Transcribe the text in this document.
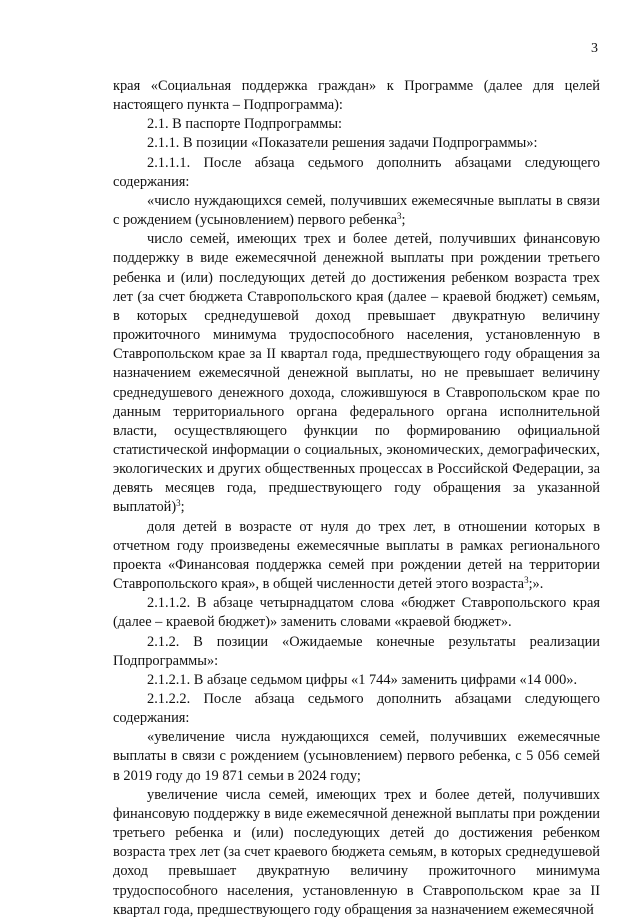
3

края «Социальная поддержка граждан» к Программе (далее для целей настоящего пункта – Подпрограмма):

2.1. В паспорте Подпрограммы:

2.1.1. В позиции «Показатели решения задачи Подпрограммы»:

2.1.1.1. После абзаца седьмого дополнить абзацами следующего содержания:

«число нуждающихся семей, получивших ежемесячные выплаты в связи с рождением (усыновлением) первого ребенка$^3$;

число семей, имеющих трех и более детей, получивших финансовую поддержку в виде ежемесячной денежной выплаты при рождении третьего ребенка и (или) последующих детей до достижения ребенком возраста трех лет (за счет бюджета Ставропольского края (далее – краевой бюджет) семьям, в которых среднедушевой доход превышает двукратную величину прожиточного минимума трудоспособного населения, установленную в Ставропольском крае за II квартал года, предшествующего году обращения за назначением ежемесячной денежной выплаты, но не превышает величину среднедушевого денежного дохода, сложившуюся в Ставропольском крае по данным территориального органа федерального органа исполнительной власти, осуществляющего функции по формированию официальной статистической информации о социальных, экономических, демографических, экологических и других общественных процессах в Российской Федерации, за девять месяцев года, предшествующего году обращения за указанной выплатой)$^3$;

доля детей в возрасте от нуля до трех лет, в отношении которых в отчетном году произведены ежемесячные выплаты в рамках регионального проекта «Финансовая поддержка семей при рождении детей на территории Ставропольского края», в общей численности детей этого возраста$^3$;».

2.1.1.2. В абзаце четырнадцатом слова «бюджет Ставропольского края (далее – краевой бюджет)» заменить словами «краевой бюджет».

2.1.2. В позиции «Ожидаемые конечные результаты реализации Подпрограммы»:

2.1.2.1. В абзаце седьмом цифры «1 744» заменить цифрами «14 000».

2.1.2.2. После абзаца седьмого дополнить абзацами следующего содержания:

«увеличение числа нуждающихся семей, получивших ежемесячные выплаты в связи с рождением (усыновлением) первого ребенка, с 5 056 семей в 2019 году до 19 871 семьи в 2024 году;

увеличение числа семей, имеющих трех и более детей, получивших финансовую поддержку в виде ежемесячной денежной выплаты при рождении третьего ребенка и (или) последующих детей до достижения ребенком возраста трех лет (за счет краевого бюджета семьям, в которых среднедушевой доход превышает двукратную величину прожиточного минимума трудоспособного населения, установленную в Ставропольском крае за II квартал года, предшествующего году обращения за назначением ежемесячной
